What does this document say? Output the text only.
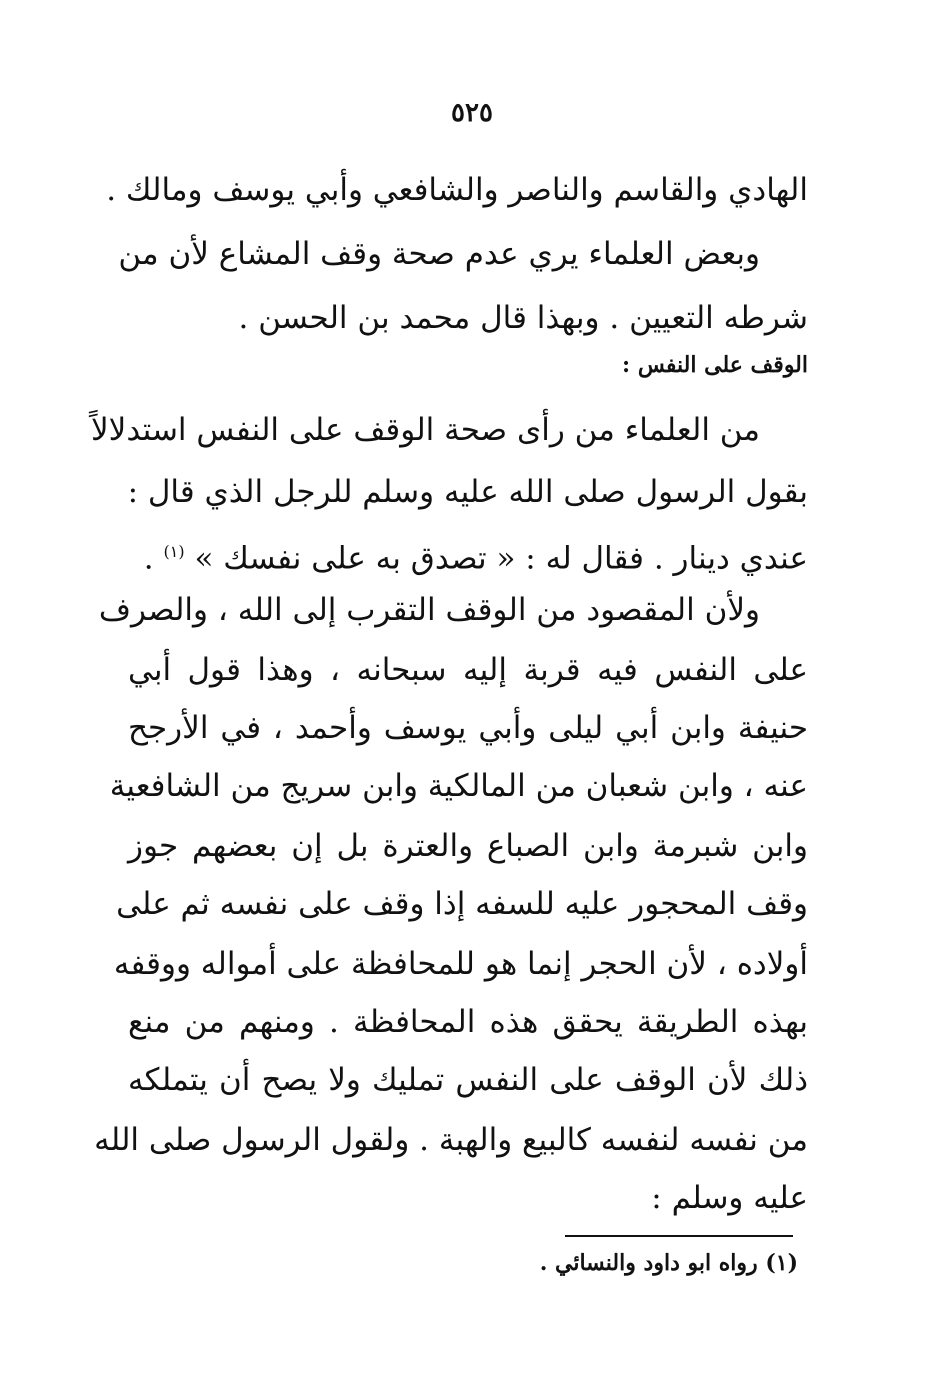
٥٢٥
الهادي والقاسم والناصر والشافعي وأبي يوسف ومالك .
وبعض العلماء يري عدم صحة وقف المشاع لأن من
شرطه التعيين . وبهذا قال محمد بن الحسن .
الوقف على النفس :
من العلماء من رأى صحة الوقف على النفس استدلالاً
بقول الرسول صلى الله عليه وسلم للرجل الذي قال :
عندي دينار . فقال له : « تصدق به على نفسك » $^{(١)}$ .
ولأن المقصود من الوقف التقرب إلى الله ، والصرف
على النفس فيه قربة إليه سبحانه ، وهذا قول أبي
حنيفة وابن أبي ليلى وأبي يوسف وأحمد ، في الأرجح
عنه ، وابن شعبان من المالكية وابن سريج من الشافعية
وابن شبرمة وابن الصباع والعترة بل إن بعضهم جوز
وقف المحجور عليه للسفه إذا وقف على نفسه ثم على
أولاده ، لأن الحجر إنما هو للمحافظة على أمواله ووقفه
بهذه الطريقة يحقق هذه المحافظة . ومنهم من منع
ذلك لأن الوقف على النفس تمليك ولا يصح أن يتملكه
من نفسه لنفسه كالبيع والهبة . ولقول الرسول صلى الله
عليه وسلم :
(١) رواه ابو داود والنسائي .
